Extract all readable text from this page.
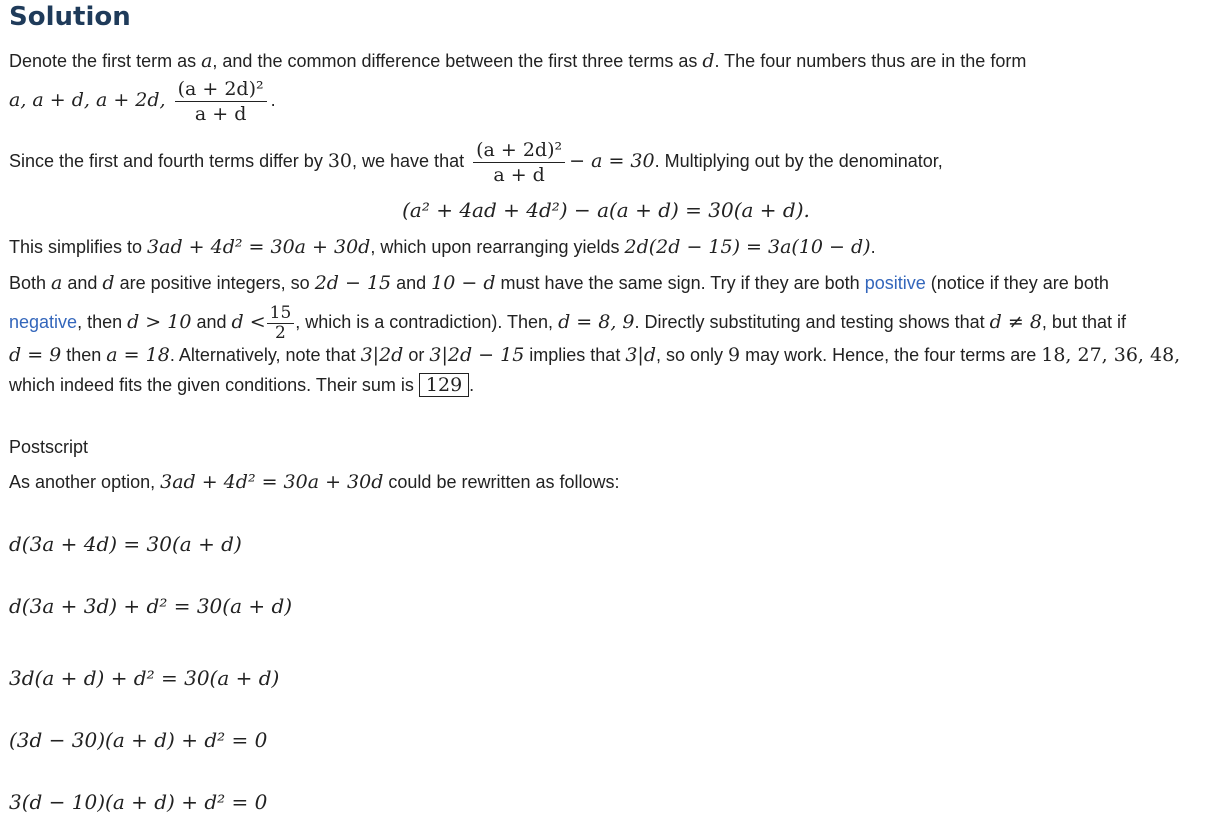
Solution
Denote the first term as a, and the common difference between the first three terms as d. The four numbers thus are in the form
a, a + d, a + 2d, $\frac{\text{(a + 2d)²}}{a + d}$ .
Since the first and fourth terms differ by 30, we have that $\frac{\text{(a + 2d)²}}{a + d} - a = 30$. Multiplying out by the denominator,
(a² + 4ad + 4d²) − a(a + d) = 30(a + d).
This simplifies to 3ad + 4d² = 30a + 30d, which upon rearranging yields 2d(2d − 15) = 3a(10 − d).
Both a and d are positive integers, so 2d − 15 and 10 − d must have the same sign. Try if they are both positive (notice if they are both
negative, then d > 10 and $d < \frac{15}{2}$ , which is a contradiction). Then, d = 8, 9. Directly substituting and testing shows that d ≠ 8, but that if
d = 9 then a = 18. Alternatively, note that 3|2d or 3|2d − 15 implies that 3|d, so only 9 may work. Hence, the four terms are 18, 27, 36, 48,
which indeed fits the given conditions. Their sum is 129 .
Postscript
As another option, 3ad + 4d² = 30a + 30d could be rewritten as follows:
d(3a + 4d) = 30(a + d)
d(3a + 3d) + d² = 30(a + d)
3d(a + d) + d² = 30(a + d)
(3d − 30)(a + d) + d² = 0
3(d − 10)(a + d) + d² = 0
